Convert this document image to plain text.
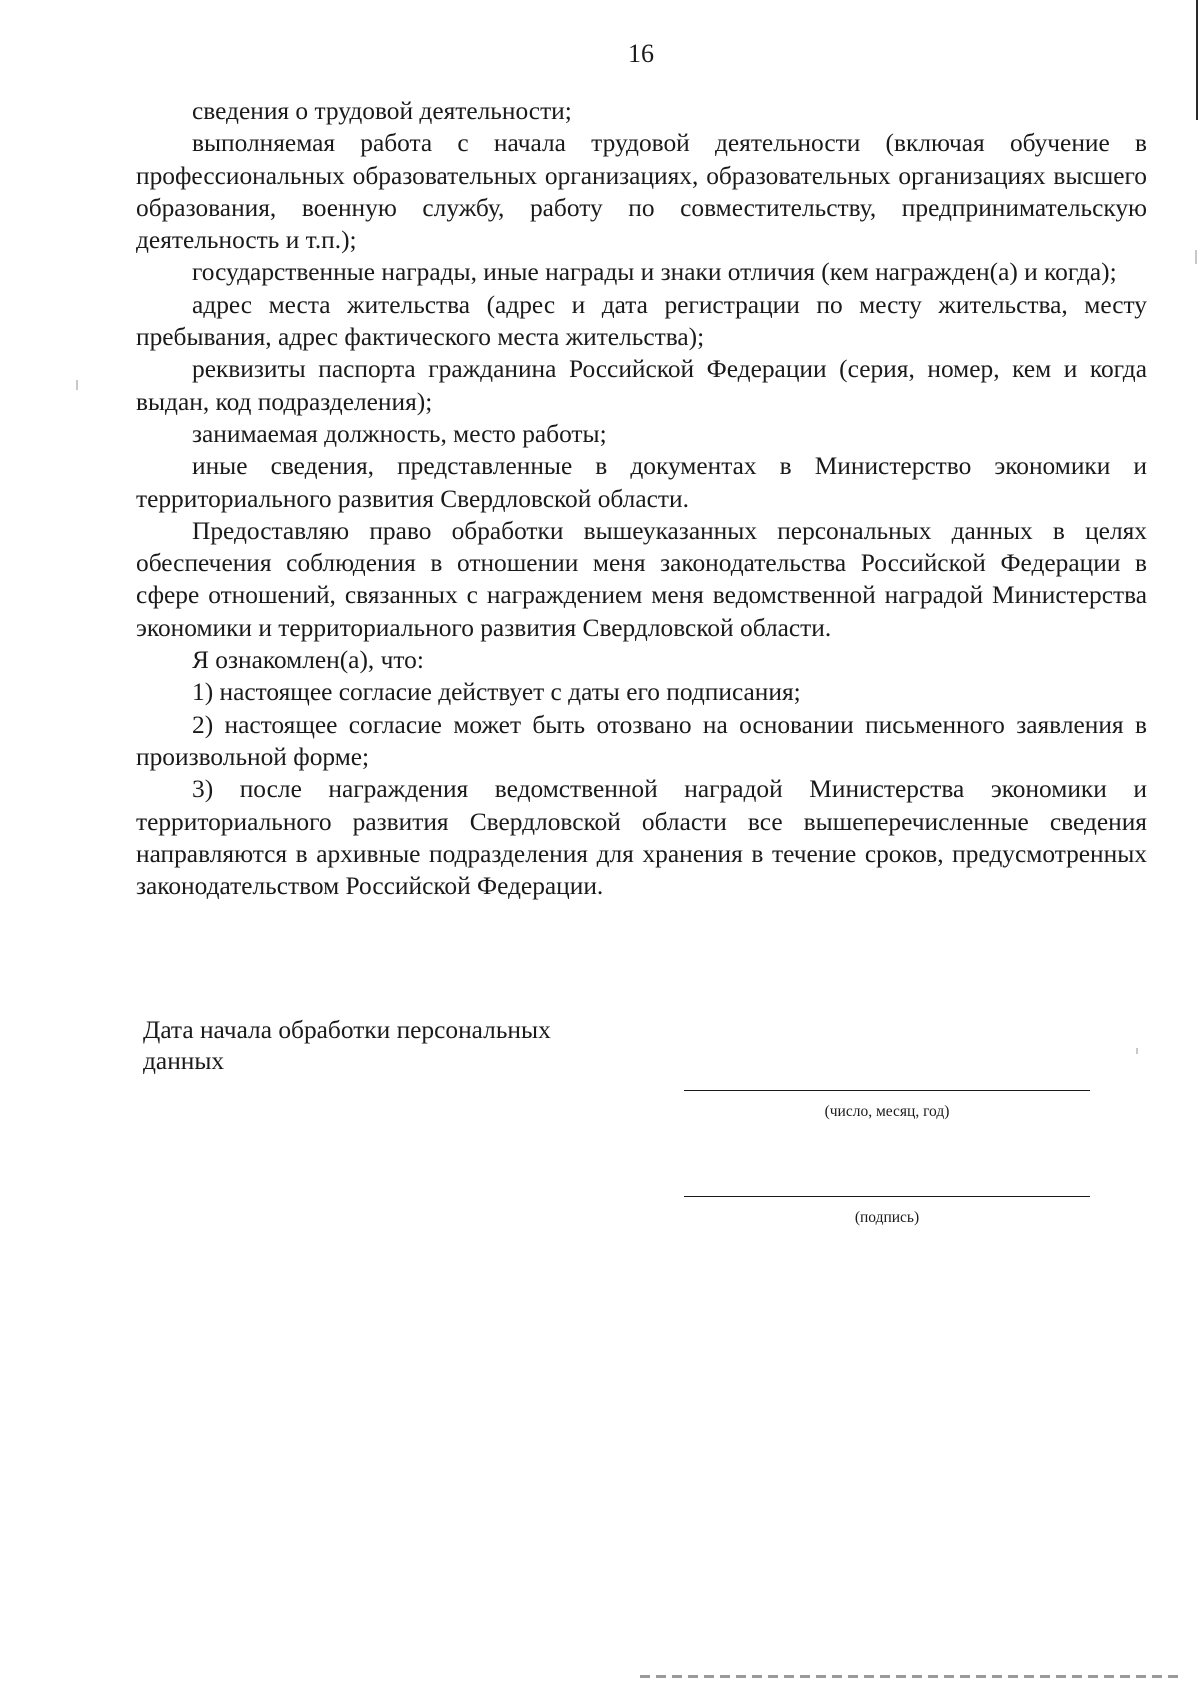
16

сведения о трудовой деятельности;

выполняемая работа с начала трудовой деятельности (включая обучение в профессиональных образовательных организациях, образовательных организациях высшего образования, военную службу, работу по совместительству, предпринимательскую деятельность и т.п.);

государственные награды, иные награды и знаки отличия (кем награжден(а) и когда);

адрес места жительства (адрес и дата регистрации по месту жительства, месту пребывания, адрес фактического места жительства);

реквизиты паспорта гражданина Российской Федерации (серия, номер, кем и когда выдан, код подразделения);

занимаемая должность, место работы;

иные сведения, представленные в документах в Министерство экономики и территориального развития Свердловской области.

Предоставляю право обработки вышеуказанных персональных данных в целях обеспечения соблюдения в отношении меня законодательства Российской Федерации в сфере отношений, связанных с награждением меня ведомственной наградой Министерства экономики и территориального развития Свердловской области.

Я ознакомлен(а), что:

1) настоящее согласие действует с даты его подписания;

2) настоящее согласие может быть отозвано на основании письменного заявления в произвольной форме;

3) после награждения ведомственной наградой Министерства экономики и территориального развития Свердловской области все вышеперечисленные сведения направляются в архивные подразделения для хранения в течение сроков, предусмотренных законодательством Российской Федерации.

Дата начала обработки персональных
данных

(число, месяц, год)

(подпись)
